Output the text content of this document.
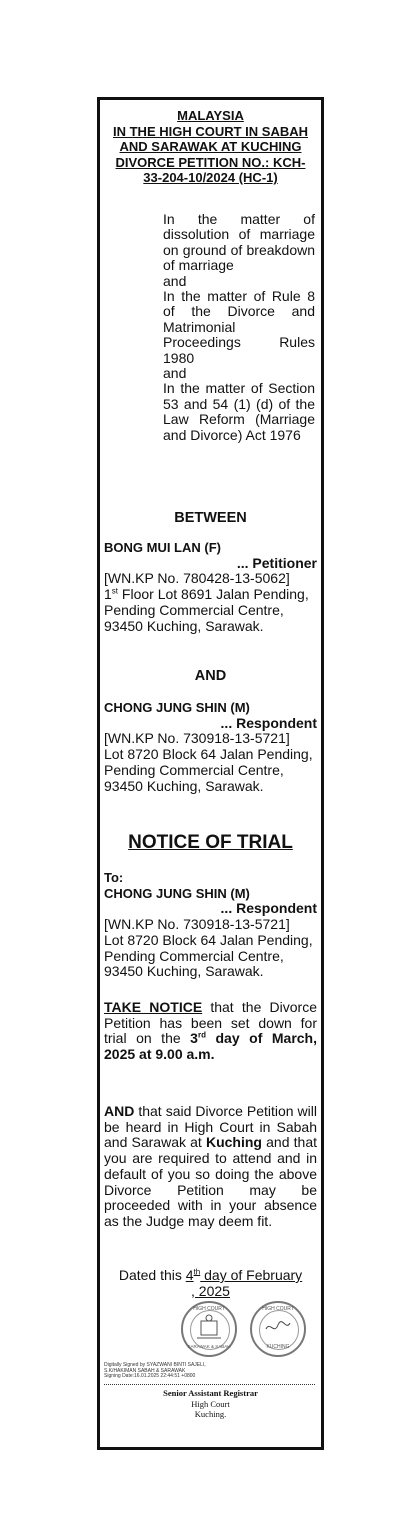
MALAYSIA
IN THE HIGH COURT IN SABAH
AND SARAWAK AT KUCHING
DIVORCE PETITION NO.: KCH-
33-204-10/2024 (HC-1)
In the matter of dissolution of marriage on ground of breakdown of marriage
and
In the matter of Rule 8 of the Divorce and Matrimonial Proceedings Rules 1980
and
In the matter of Section 53 and 54 (1) (d) of the Law Reform (Marriage and Divorce) Act 1976
BETWEEN
BONG MUI LAN (F)
... Petitioner
[WN.KP No. 780428-13-5062]
1st Floor Lot 8691 Jalan Pending,
Pending Commercial Centre,
93450 Kuching, Sarawak.
AND
CHONG JUNG SHIN (M)
... Respondent
[WN.KP No. 730918-13-5721]
Lot 8720 Block 64 Jalan Pending,
Pending Commercial Centre,
93450 Kuching, Sarawak.
NOTICE OF TRIAL
To:
CHONG JUNG SHIN (M)
... Respondent
[WN.KP No. 730918-13-5721]
Lot 8720 Block 64 Jalan Pending,
Pending Commercial Centre,
93450 Kuching, Sarawak.
TAKE NOTICE that the Divorce Petition has been set down for trial on the 3rd day of March, 2025 at 9.00 a.m.
AND that said Divorce Petition will be heard in High Court in Sabah and Sarawak at Kuching and that you are required to attend and in default of you so doing the above Divorce Petition may be proceeded with in your absence as the Judge may deem fit.
Dated this 4th day of February
, 2025
HIGH COURT
SARAWAK & SABAH
HIGH COURT
KUCHING
Digitally Signed by SYAZWANI BINTI SAJELI,
S.K/HAKIMAN SABAH & SARAWAK
Signing Date:16.01.2025 22:44:51 +0800
Senior Assistant Registrar
High Court
Kuching.
